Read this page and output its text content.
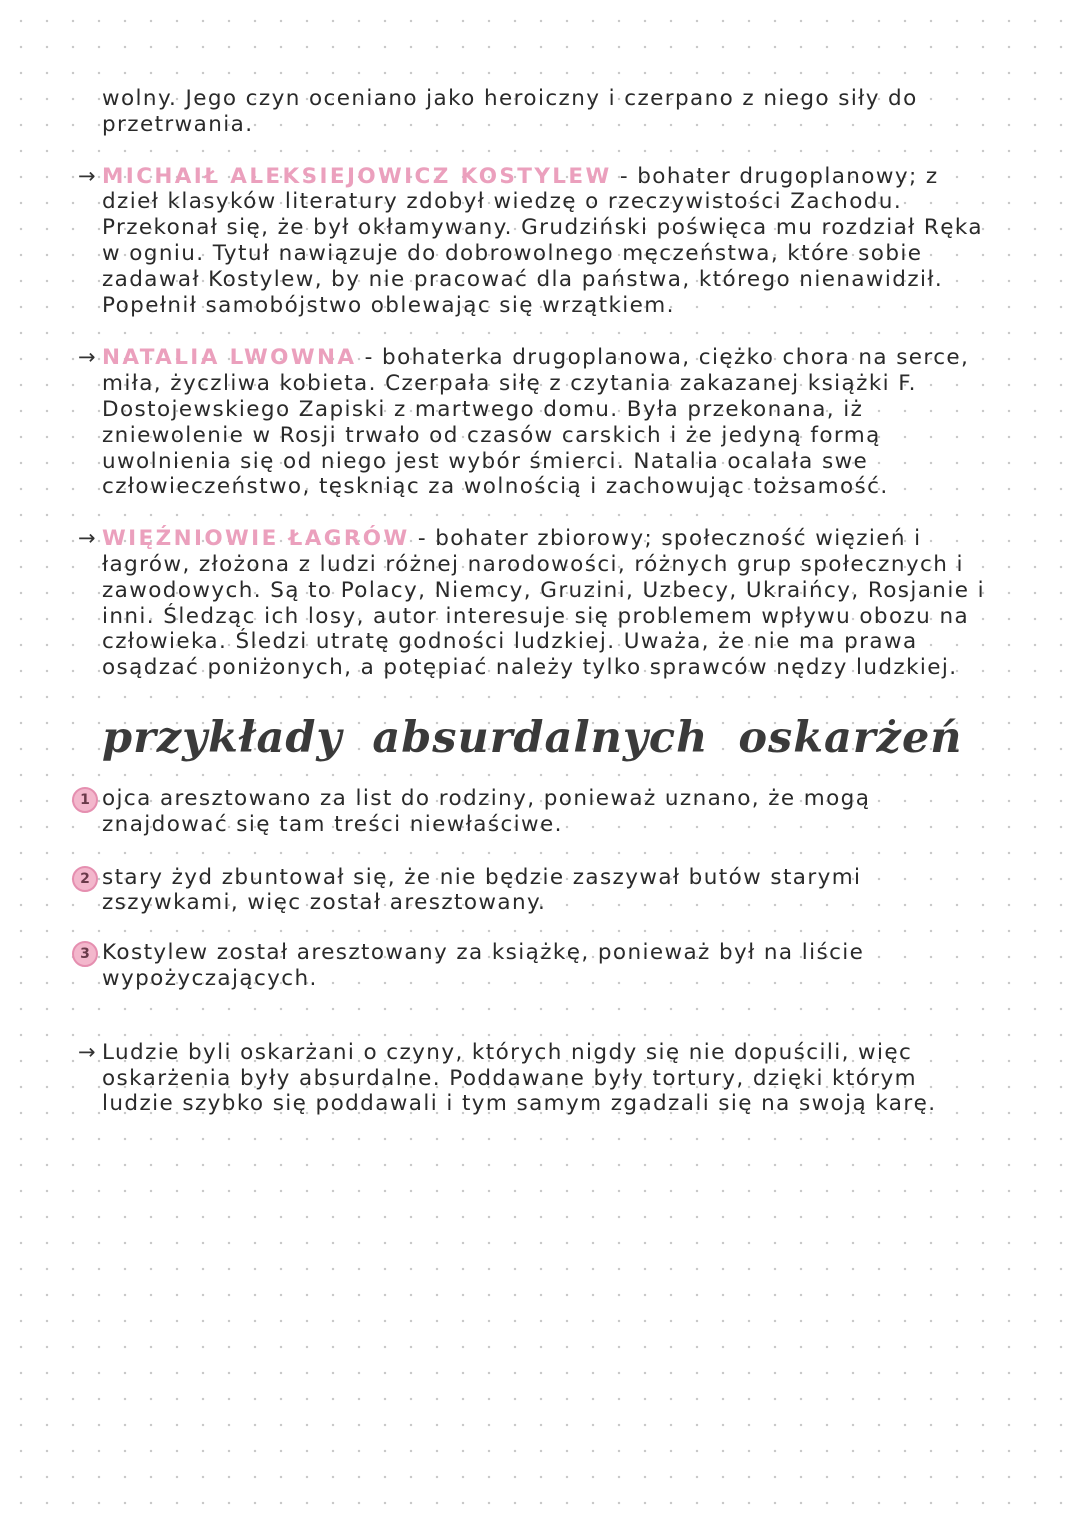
wolny. Jego czyn oceniano jako heroiczny i czerpano z niego siły do przetrwania.

→ MICHAIŁ ALEKSIEJOWICZ KOSTYLEW - bohater drugoplanowy; z dzieł klasyków literatury zdobył wiedzę o rzeczywistości Zachodu. Przekonał się, że był okłamywany. Grudziński poświęca mu rozdział Ręka w ogniu. Tytuł nawiązuje do dobrowolnego męczeństwa, które sobie zadawał Kostylew, by nie pracować dla państwa, którego nienawidził. Popełnił samobójstwo oblewając się wrzątkiem.

→ NATALIA LWOWNA - bohaterka drugoplanowa, ciężko chora na serce, miła, życzliwa kobieta. Czerpała siłę z czytania zakazanej książki F. Dostojewskiego Zapiski z martwego domu. Była przekonana, iż zniewolenie w Rosji trwało od czasów carskich i że jedyną formą uwolnienia się od niego jest wybór śmierci. Natalia ocalała swe człowieczeństwo, tęskniąc za wolnością i zachowując tożsamość.

→ WIĘŹNIOWIE ŁAGRÓW - bohater zbiorowy; społeczność więzień i łagrów, złożona z ludzi różnej narodowości, różnych grup społecznych i zawodowych. Są to Polacy, Niemcy, Gruzini, Uzbecy, Ukraińcy, Rosjanie i inni. Śledząc ich losy, autor interesuje się problemem wpływu obozu na człowieka. Śledzi utratę godności ludzkiej. Uważa, że nie ma prawa osądzać poniżonych, a potępiać należy tylko sprawców nędzy ludzkiej.

przykłady absurdalnych oskarżeń
1 ojca aresztowano za list do rodziny, ponieważ uznano, że mogą znajdować się tam treści niewłaściwe.

2 stary żyd zbuntował się, że nie będzie zaszywał butów starymi zszywkami, więc został aresztowany.

3 Kostylew został aresztowany za książkę, ponieważ był na liście wypożyczających.

→ Ludzie byli oskarżani o czyny, których nigdy się nie dopuścili, więc oskarżenia były absurdalne. Poddawane były tortury, dzięki którym ludzie szybko się poddawali i tym samym zgadzali się na swoją karę.
